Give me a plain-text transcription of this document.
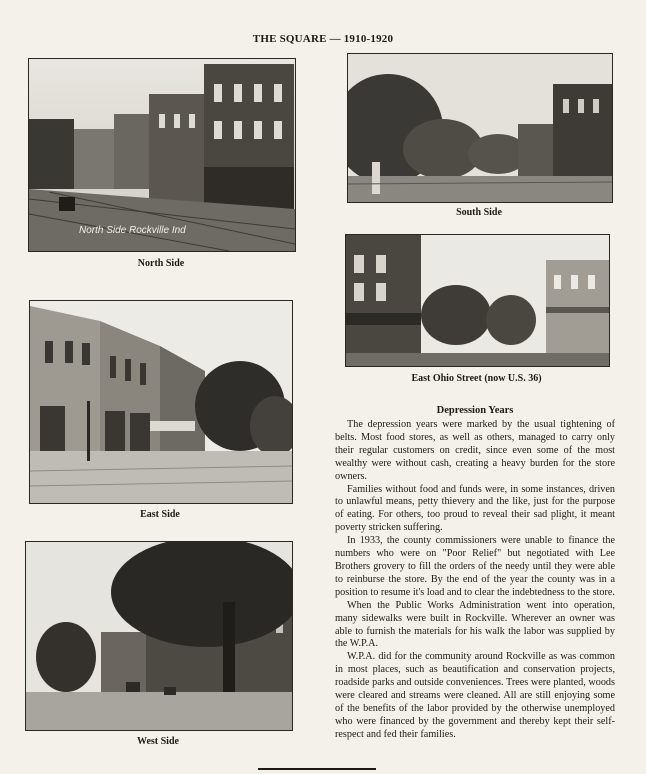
THE SQUARE — 1910-1920
North Side Rockville Ind
North Side
South Side
East Ohio Street (now U.S. 36)
East Side
West Side
Depression Years

The depression years were marked by the usual tightening of belts. Most food stores, as well as others, managed to carry only their regular customers on credit, since even some of the most wealthy were without cash, creating a heavy burden for the store owners.

Families without food and funds were, in some instances, driven to unlawful means, petty thievery and the like, just for the purpose of eating. For others, too proud to reveal their sad plight, it meant poverty stricken suffering.

In 1933, the county commissioners were unable to finance the numbers who were on "Poor Relief" but negotiated with Lee Brothers grovery to fill the orders of the needy until they were able to reinburse the store. By the end of the year the county was in a position to resume it's load and to clear the indebtedness to the store.

When the Public Works Administration went into operation, many sidewalks were built in Rockville. Wherever an owner was able to furnish the materials for his walk the labor was supplied by the W.P.A.

W.P.A. did for the community around Rockville as was common in most places, such as beautification and conservation projects, roadside parks and outside conveniences. Trees were planted, woods were cleared and streams were cleaned. All are still enjoying some of the benefits of the labor provided by the otherwise unemployed who were financed by the government and thereby kept their self-respect and fed their families.
